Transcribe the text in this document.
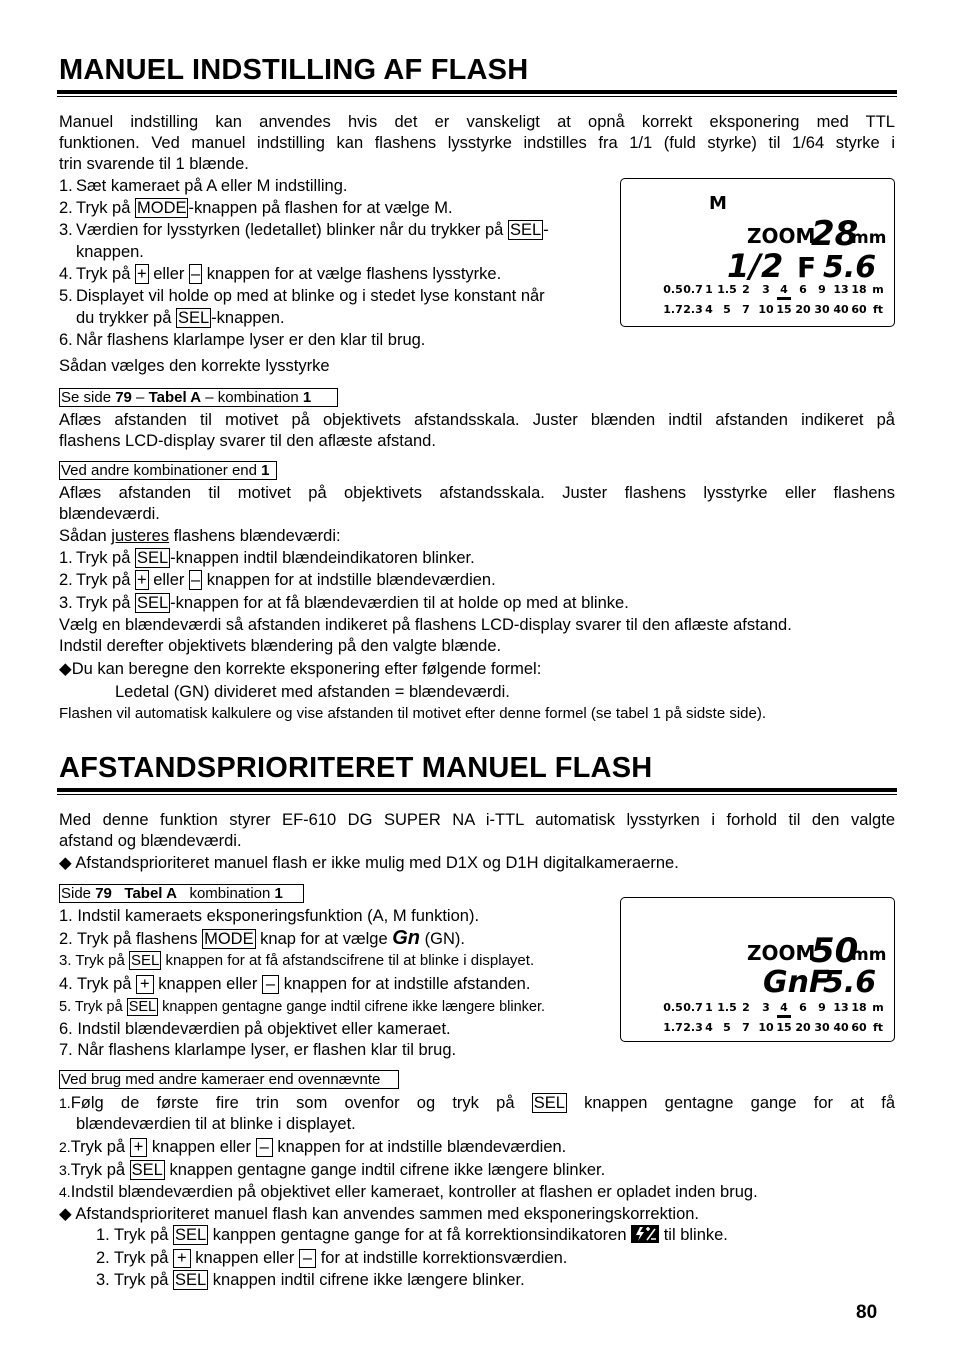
MANUEL INDSTILLING AF FLASH
Manuel indstilling kan anvendes hvis det er vanskeligt at opnå korrekt eksponering med TTL
funktionen. Ved manuel indstilling kan flashens lysstyrke indstilles fra 1/1 (fuld styrke) til 1/64 styrke i
trin svarende til 1 blænde.
1. Sæt kameraet på A eller M indstilling.
2. Tryk på MODE -knappen på flashen for at vælge M.
3. Værdien for lysstyrken (ledetallet) blinker når du trykker på SEL -
knappen.
4. Tryk på + eller – knappen for at vælge flashens lysstyrke.
5. Displayet vil holde op med at blinke og i stedet lyse konstant når
du trykker på SEL -knappen.
6. Når flashens klarlampe lyser er den klar til brug.
Sådan vælges den korrekte lysstyrke
M
ZOOM
28
mm
1/2 F 5.6
0.5 0.7 1 1.5 2 3 4 6 9 13 18 m
1.7 2.3 4 5 7 10 15 20 30 40 60 ft
Se side 79 – Tabel A – kombination 1
Aflæs afstanden til motivet på objektivets afstandsskala. Juster blænden indtil afstanden indikeret på
flashens LCD-display svarer til den aflæste afstand.
Ved andre kombinationer end 1
Aflæs afstanden til motivet på objektivets afstandsskala. Juster flashens lysstyrke eller flashens
blændeværdi.
Sådan justeres flashens blændeværdi:
1. Tryk på SEL -knappen indtil blændeindikatoren blinker.
2. Tryk på + eller – knappen for at indstille blændeværdien.
3. Tryk på SEL -knappen for at få blændeværdien til at holde op med at blinke.
Vælg en blændeværdi så afstanden indikeret på flashens LCD-display svarer til den aflæste afstand.
Indstil derefter objektivets blændering på den valgte blænde.
◆Du kan beregne den korrekte eksponering efter følgende formel:
Ledetal (GN) divideret med afstanden = blændeværdi.
Flashen vil automatisk kalkulere og vise afstanden til motivet efter denne formel (se tabel 1 på sidste side).
AFSTANDSPRIORITERET MANUEL FLASH
Med denne funktion styrer EF-610 DG SUPER NA i-TTL automatisk lysstyrken i forhold til den valgte
afstand og blændeværdi.
◆ Afstandsprioriteret manuel flash er ikke mulig med D1X og D1H digitalkameraerne.
Side 79 Tabel A kombination 1
1. Indstil kameraets eksponeringsfunktion (A, M funktion).
2. Tryk på flashens MODE knap for at vælge Gn (GN).
3. Tryk på SEL knappen for at få afstandscifrene til at blinke i displayet.
4. Tryk på + knappen eller – knappen for at indstille afstanden.
5. Tryk på SEL knappen gentagne gange indtil cifrene ikke længere blinker.
6. Indstil blændeværdien på objektivet eller kameraet.
7. Når flashens klarlampe lyser, er flashen klar til brug.
ZOOM
50
mm
GnF
5.6
0.5 0.7 1 1.5 2 3 4 6 9 13 18 m
1.7 2.3 4 5 7 10 15 20 30 40 60 ft
Ved brug med andre kameraer end ovennævnte
1.Følg de første fire trin som ovenfor og tryk på SEL knappen gentagne gange for at få
blændeværdien til at blinke i displayet.
2.Tryk på + knappen eller – knappen for at indstille blændeværdien.
3.Tryk på SEL knappen gentagne gange indtil cifrene ikke længere blinker.
4.Indstil blændeværdien på objektivet eller kameraet, kontroller at flashen er opladet inden brug.
◆ Afstandsprioriteret manuel flash kan anvendes sammen med eksponeringskorrektion.
1. Tryk på SEL kanppen gentagne gange for at få korrektionsindikatoren  til blinke.
2. Tryk på + knappen eller – for at indstille korrektionsværdien.
3. Tryk på SEL knappen indtil cifrene ikke længere blinker.
80
